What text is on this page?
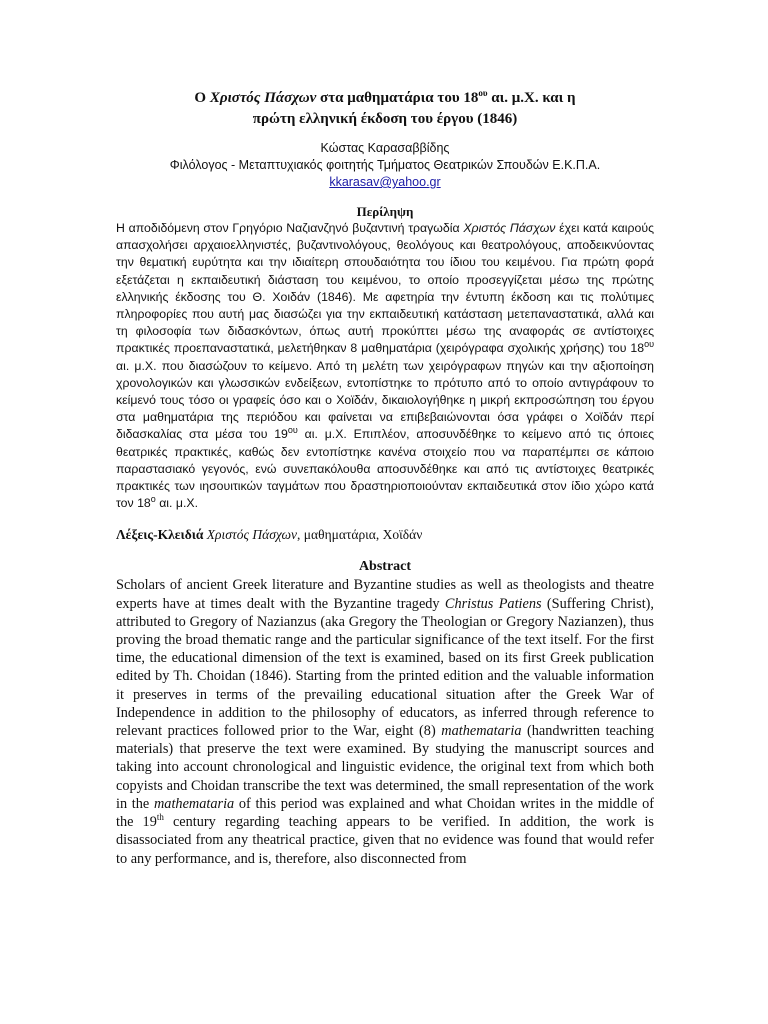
Ο Χριστός Πάσχων στα μαθηματάρια του $18^{o\upsilon}$ αι. μ.Χ. και η
πρώτη ελληνική έκδοση του έργου (1846)
Κώστας Καρασαββίδης
Φιλόλογος - Μεταπτυχιακός φοιτητής Τμήματος Θεατρικών Σπουδών Ε.Κ.Π.Α.
kkarasav@yahoo.gr
Περίληψη

Η αποδιδόμενη στον Γρηγόριο Ναζιανζηνό βυζαντινή τραγωδία Χριστός Πάσχων έχει κατά καιρούς απασχολήσει αρχαιοελληνιστές, βυζαντινολόγους, θεολόγους και θεατρολόγους, αποδεικνύοντας την θεματική ευρύτητα και την ιδιαίτερη σπουδαιότητα του ίδιου του κειμένου. Για πρώτη φορά εξετάζεται η εκπαιδευτική διάσταση του κειμένου, το οποίο προσεγγίζεται μέσω της πρώτης ελληνικής έκδοσης του Θ. Χοιδάν (1846). Με αφετηρία την έντυπη έκδοση και τις πολύτιμες πληροφορίες που αυτή μας διασώζει για την εκπαιδευτική κατάσταση μετεπαναστατικά, αλλά και τη φιλοσοφία των διδασκόντων, όπως αυτή προκύπτει μέσω της αναφοράς σε αντίστοιχες πρακτικές προεπαναστατικά, μελετήθηκαν 8 μαθηματάρια (χειρόγραφα σχολικής χρήσης) του $18^{o\upsilon}$ αι. μ.Χ. που διασώζουν το κείμενο. Από τη μελέτη των χειρόγραφων πηγών και την αξιοποίηση χρονολογικών και γλωσσικών ενδείξεων, εντοπίστηκε το πρότυπο από το οποίο αντιγράφουν το κείμενό τους τόσο οι γραφείς όσο και ο Χοϊδάν, δικαιολογήθηκε η μικρή εκπροσώπηση του έργου στα μαθηματάρια της περιόδου και φαίνεται να επιβεβαιώνονται όσα γράφει ο Χοϊδάν περί διδασκαλίας στα μέσα του $19^{o\upsilon}$ αι. μ.Χ. Επιπλέον, αποσυνδέθηκε το κείμενο από τις όποιες θεατρικές πρακτικές, καθώς δεν εντοπίστηκε κανένα στοιχείο που να παραπέμπει σε κάποιο παραστασιακό γεγονός, ενώ συνεπακόλουθα αποσυνδέθηκε και από τις αντίστοιχες θεατρικές πρακτικές των ιησουιτικών ταγμάτων που δραστηριοποιούνταν εκπαιδευτικά στον ίδιο χώρο κατά τον $18^o$ αι. μ.Χ.

Λέξεις-Κλειδιά Χριστός Πάσχων, μαθηματάρια, Χοϊδάν
Abstract

Scholars of ancient Greek literature and Byzantine studies as well as theologists and theatre experts have at times dealt with the Byzantine tragedy Christus Patiens (Suffering Christ), attributed to Gregory of Nazianzus (aka Gregory the Theologian or Gregory Nazianzen), thus proving the broad thematic range and the particular significance of the text itself. For the first time, the educational dimension of the text is examined, based on its first Greek publication edited by Th. Choidan (1846). Starting from the printed edition and the valuable information it preserves in terms of the prevailing educational situation after the Greek War of Independence in addition to the philosophy of educators, as inferred through reference to relevant practices followed prior to the War, eight (8) mathemataria (handwritten teaching materials) that preserve the text were examined. By studying the manuscript sources and taking into account chronological and linguistic evidence, the original text from which both copyists and Choidan transcribe the text was determined, the small representation of the work in the mathemataria of this period was explained and what Choidan writes in the middle of the 19th century regarding teaching appears to be verified. In addition, the work is disassociated from any theatrical practice, given that no evidence was found that would refer to any performance, and is, therefore, also disconnected from
